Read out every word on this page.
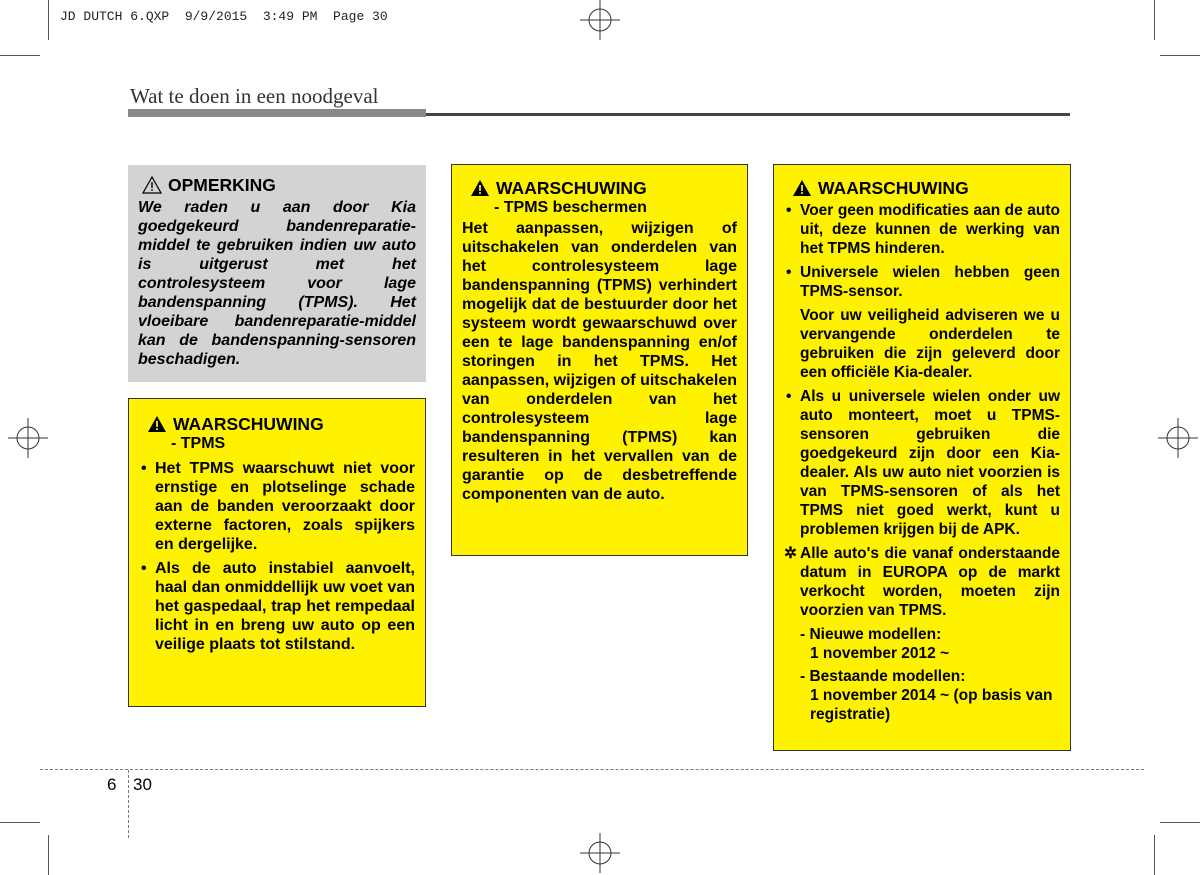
JD DUTCH 6.QXP  9/9/2015  3:49 PM  Page 30
Wat te doen in een noodgeval
OPMERKING
We raden u aan door Kia goedgekeurd bandenreparatie-middel te gebruiken indien uw auto is uitgerust met het controlesysteem voor lage bandenspanning (TPMS). Het vloeibare bandenreparatie-middel kan de bandenspanning-sensoren beschadigen.
WAARSCHUWING
- TPMS
• Het TPMS waarschuwt niet voor ernstige en plotselinge schade aan de banden veroorzaakt door externe factoren, zoals spijkers en dergelijke.
• Als de auto instabiel aanvoelt, haal dan onmiddellijk uw voet van het gaspedaal, trap het rempedaal licht in en breng uw auto op een veilige plaats tot stilstand.
WAARSCHUWING
- TPMS beschermen
Het aanpassen, wijzigen of uitschakelen van onderdelen van het controlesysteem lage bandenspanning (TPMS) verhindert mogelijk dat de bestuurder door het systeem wordt gewaarschuwd over een te lage bandenspanning en/of storingen in het TPMS. Het aanpassen, wijzigen of uitschakelen van onderdelen van het controlesysteem lage bandenspanning (TPMS) kan resulteren in het vervallen van de garantie op de desbetreffende componenten van de auto.
WAARSCHUWING
• Voer geen modificaties aan de auto uit, deze kunnen de werking van het TPMS hinderen.
• Universele wielen hebben geen TPMS-sensor.
Voor uw veiligheid adviseren we u vervangende onderdelen te gebruiken die zijn geleverd door een officiële Kia-dealer.
• Als u universele wielen onder uw auto monteert, moet u TPMS-sensoren gebruiken die goedgekeurd zijn door een Kia-dealer. Als uw auto niet voorzien is van TPMS-sensoren of als het TPMS niet goed werkt, kunt u problemen krijgen bij de APK.
✲ Alle auto's die vanaf onderstaande datum in EUROPA op de markt verkocht worden, moeten zijn voorzien van TPMS.
- Nieuwe modellen:
1 november 2012 ~
- Bestaande modellen:
1 november 2014 ~ (op basis van registratie)
6 30
